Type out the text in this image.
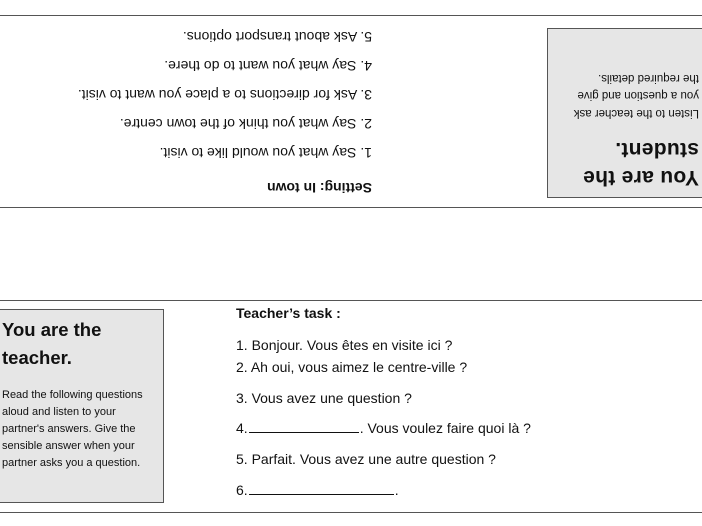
You are the
student.
Listen to the teacher ask you a question and give the required details.
Setting: In town
1. Say what you would like to visit.
2. Say what you think of the town centre.
3. Ask for directions to a place you want to visit.
4. Say what you want to do there.
5. Ask about transport options.
You are the
teacher.
Read the following questions aloud and listen to your partner's answers. Give the sensible answer when your partner asks you a question.
Teacher’s task :
1. Bonjour. Vous êtes en visite ici ?
2. Ah oui, vous aimez le centre-ville ?
3. Vous avez une question ?
4.	. Vous voulez faire quoi là ?
5. Parfait. Vous avez une autre question ?
6.	.
